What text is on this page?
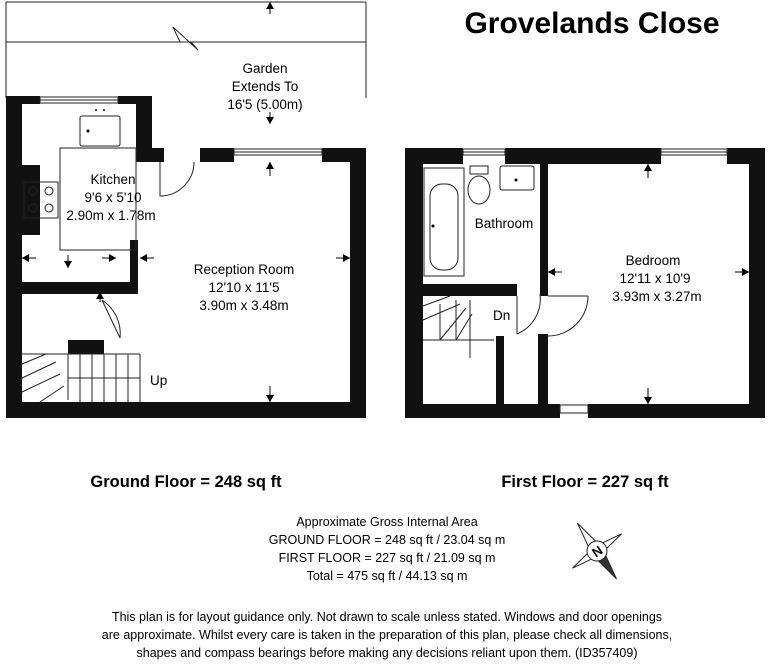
Grovelands Close
Garden
Extends To
16'5 (5.00m)
Kitchen
9'6 x 5'10
2.90m x 1.78m
Reception Room
12'10 x 11'5
3.90m x 3.48m
Up
Bathroom
Bedroom
12'11 x 10'9
3.93m x 3.27m
Dn
Ground Floor = 248 sq ft	First Floor = 227 sq ft
Approximate Gross Internal Area
GROUND FLOOR = 248 sq ft / 23.04 sq m
FIRST FLOOR = 227 sq ft / 21.09 sq m
Total = 475 sq ft / 44.13 sq m
N
This plan is for layout guidance only. Not drawn to scale unless stated. Windows and door openings
are approximate. Whilst every care is taken in the preparation of this plan, please check all dimensions,
shapes and compass bearings before making any decisions reliant upon them. (ID357409)
